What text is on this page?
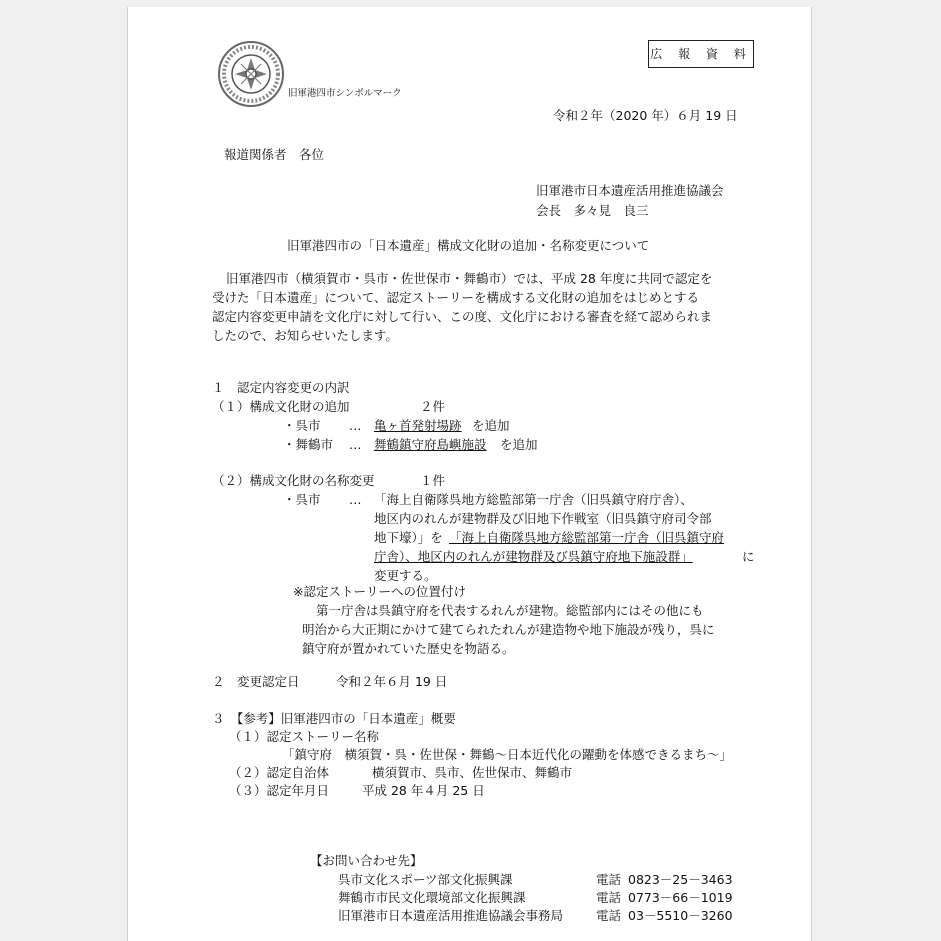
旧軍港四市シンボルマーク
広 報 資 料
令和２年（2020 年）６月 19 日
報道関係者　各位
旧軍港市日本遺産活用推進協議会
会長　多々見　良三
旧軍港四市の「日本遺産」構成文化財の追加・名称変更について
旧軍港四市（横須賀市・呉市・佐世保市・舞鶴市）では、平成 28 年度に共同で認定を
受けた「日本遺産」について、認定ストーリーを構成する文化財の追加をはじめとする
認定内容変更申請を文化庁に対して行い、この度、文化庁における審査を経て認められま
したので、お知らせいたします。
１　認定内容変更の内訳
（１）構成文化財の追加	２件
・呉市 … 亀ヶ首発射場跡 を追加
・舞鶴市 … 舞鶴鎮守府島嶼施設 を追加
（２）構成文化財の名称変更	１件
・呉市 … 「海上自衛隊呉地方総監部第一庁舎（旧呉鎮守府庁舎）、
地区内のれんが建物群及び旧地下作戦室（旧呉鎮守府司令部
地下壕）」を 「海上自衛隊呉地方総監部第一庁舎（旧呉鎮守府
庁舎）、地区内のれんが建物群及び呉鎮守府地下施設群」	に
変更する。
※認定ストーリーへの位置付け
第一庁舎は呉鎮守府を代表するれんが建物。総監部内にはその他にも
明治から大正期にかけて建てられたれんが建造物や地下施設が残り，呉に
鎮守府が置かれていた歴史を物語る。
２　変更認定日	令和２年６月 19 日
３　【参考】旧軍港四市の「日本遺産」概要
（１）認定ストーリー名称
「鎮守府　横須賀・呉・佐世保・舞鶴～日本近代化の躍動を体感できるまち～」
（２）認定自治体	横須賀市、呉市、佐世保市、舞鶴市
（３）認定年月日	平成 28 年４月 25 日
【お問い合わせ先】
呉市文化スポーツ部文化振興課	電話 0823－25－3463
舞鶴市市民文化環境部文化振興課	電話 0773－66－1019
旧軍港市日本遺産活用推進協議会事務局	電話 03－5510－3260
